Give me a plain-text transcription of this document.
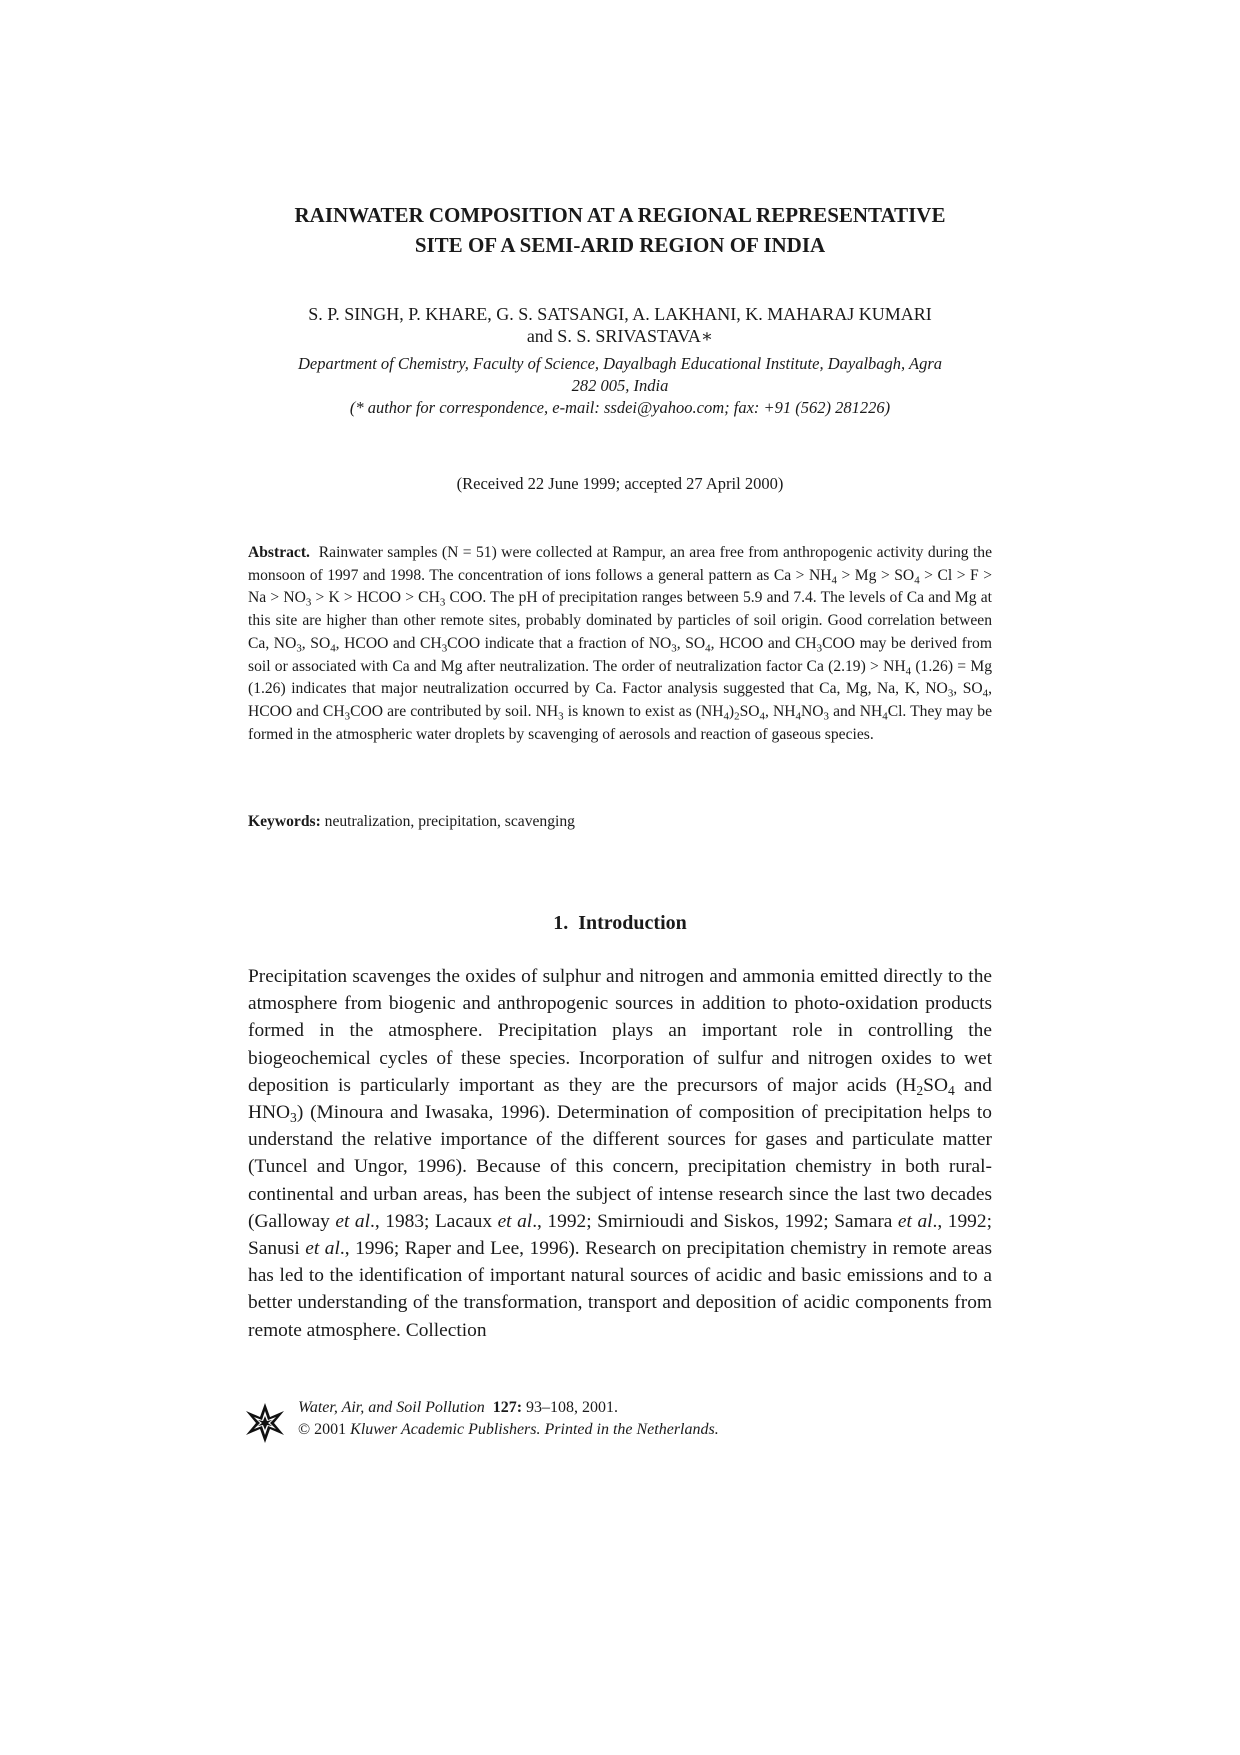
RAINWATER COMPOSITION AT A REGIONAL REPRESENTATIVE
SITE OF A SEMI-ARID REGION OF INDIA

S. P. SINGH, P. KHARE, G. S. SATSANGI, A. LAKHANI, K. MAHARAJ KUMARI
and S. S. SRIVASTAVA∗

Department of Chemistry, Faculty of Science, Dayalbagh Educational Institute, Dayalbagh, Agra
282 005, India
(* author for correspondence, e-mail: ssdei@yahoo.com; fax: +91 (562) 281226)

(Received 22 June 1999; accepted 27 April 2000)

Abstract. Rainwater samples (N = 51) were collected at Rampur, an area free from anthropogenic activity during the monsoon of 1997 and 1998. The concentration of ions follows a general pattern as $Ca > NH_4 > Mg > SO_4 > Cl > F > Na > NO_3 > K$ > HCOO > $CH_3$ COO. The pH of precipitation ranges between 5.9 and 7.4. The levels of Ca and Mg at this site are higher than other remote sites, probably dominated by particles of soil origin. Good correlation between Ca, $NO_3$, $SO_4$, HCOO and $CH_3COO$ indicate that a fraction of $NO_3$, $SO_4$, HCOO and $CH_3COO$ may be derived from soil or associated with Ca and Mg after neutralization. The order of neutralization factor Ca $(2.19) > NH_4$ (1.26) = Mg (1.26) indicates that major neutralization occurred by Ca. Factor analysis suggested that Ca, Mg, Na, K, $NO_3$, $SO_4$, HCOO and $CH_3COO$ are contributed by soil. $NH_3$ is known to exist as $(NH_4)_2SO_4$, $NH_4NO_3$ and $NH_4Cl$. They may be formed in the atmospheric water droplets by scavenging of aerosols and reaction of gaseous species.

Keywords: neutralization, precipitation, scavenging

1. Introduction

Precipitation scavenges the oxides of sulphur and nitrogen and ammonia emitted directly to the atmosphere from biogenic and anthropogenic sources in addition to photo-oxidation products formed in the atmosphere. Precipitation plays an important role in controlling the biogeochemical cycles of these species. Incorporation of sulfur and nitrogen oxides to wet deposition is particularly important as they are the precursors of major acids ($H_2SO_4$ and $HNO_3$) (Minoura and Iwasaka, 1996). Determination of composition of precipitation helps to understand the relative importance of the different sources for gases and particulate matter (Tuncel and Ungor, 1996). Because of this concern, precipitation chemistry in both rural-continental and urban areas, has been the subject of intense research since the last two decades (Galloway et al., 1983; Lacaux et al., 1992; Smirnioudi and Siskos, 1992; Samara et al., 1992; Sanusi et al., 1996; Raper and Lee, 1996). Research on precipitation chemistry in remote areas has led to the identification of important natural sources of acidic and basic emissions and to a better understanding of the transformation, transport and deposition of acidic components from remote atmosphere. Collection

Water, Air, and Soil Pollution 127: 93–108, 2001.
© 2001 Kluwer Academic Publishers. Printed in the Netherlands.
